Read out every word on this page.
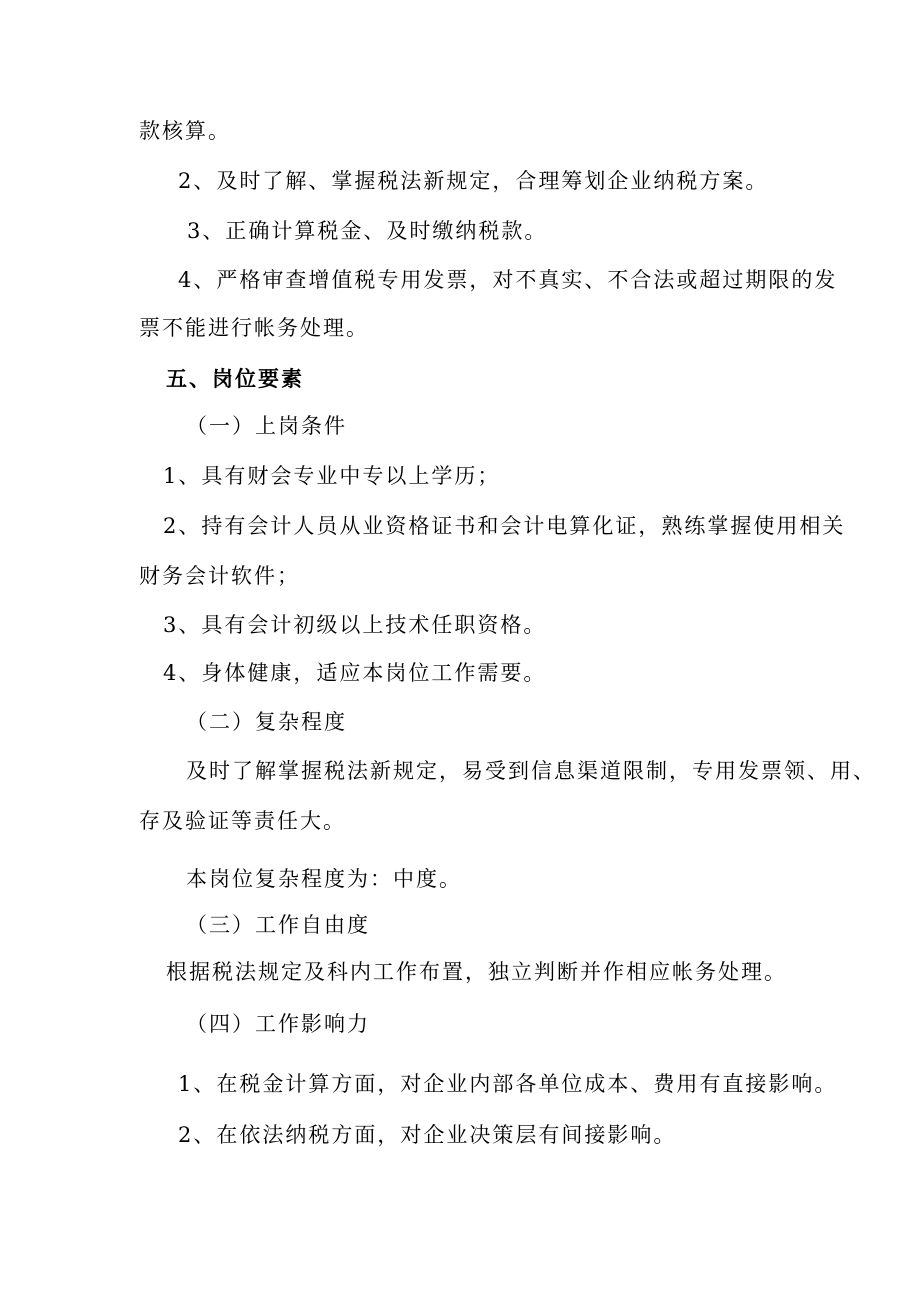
款核算。
2、及时了解、掌握税法新规定，合理筹划企业纳税方案。
3、正确计算税金、及时缴纳税款。
4、严格审查增值税专用发票，对不真实、不合法或超过期限的发
票不能进行帐务处理。
五、岗位要素
（一）上岗条件
1、具有财会专业中专以上学历；
2、持有会计人员从业资格证书和会计电算化证，熟练掌握使用相关
财务会计软件；
3、具有会计初级以上技术任职资格。
4、身体健康，适应本岗位工作需要。
（二）复杂程度
及时了解掌握税法新规定，易受到信息渠道限制，专用发票领、用、
存及验证等责任大。
本岗位复杂程度为：中度。
（三）工作自由度
根据税法规定及科内工作布置，独立判断并作相应帐务处理。
（四）工作影响力
1、在税金计算方面，对企业内部各单位成本、费用有直接影响。
2、在依法纳税方面，对企业决策层有间接影响。
